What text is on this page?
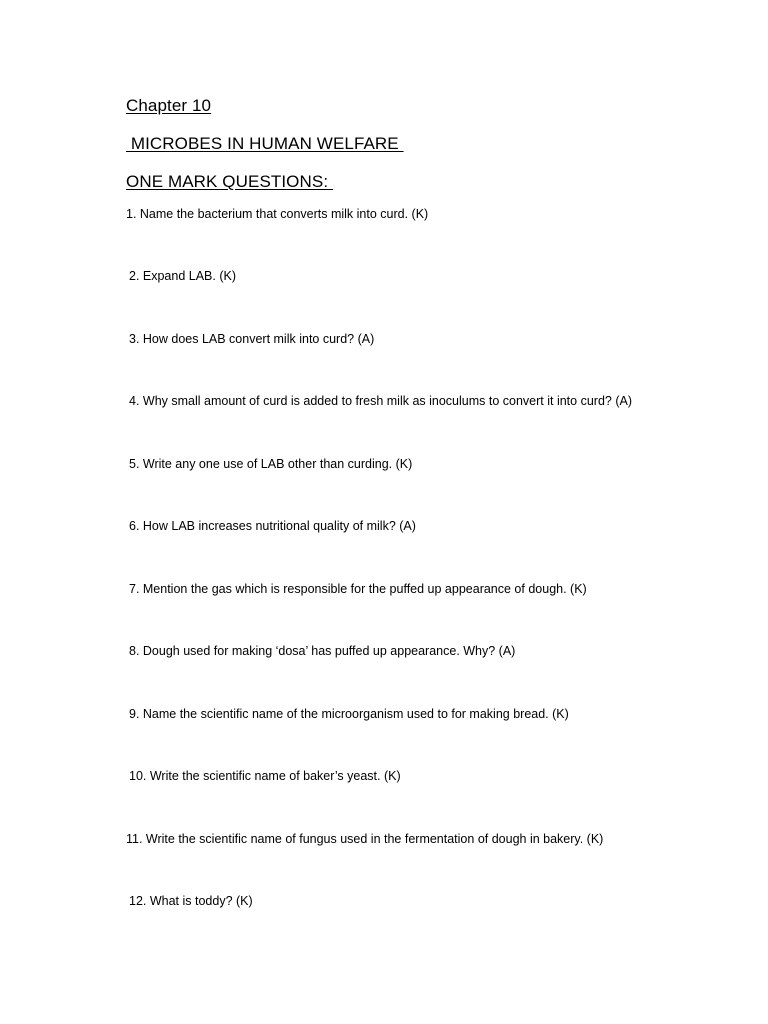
Chapter 10
MICROBES IN HUMAN WELFARE
ONE MARK QUESTIONS:
1. Name the bacterium that converts milk into curd. (K)
2. Expand LAB. (K)
3. How does LAB convert milk into curd? (A)
4. Why small amount of curd is added to fresh milk as inoculums to convert it into curd? (A)
5. Write any one use of LAB other than curding. (K)
6. How LAB increases nutritional quality of milk? (A)
7. Mention the gas which is responsible for the puffed up appearance of dough. (K)
8. Dough used for making ‘dosa’ has puffed up appearance. Why? (A)
9. Name the scientific name of the microorganism used to for making bread. (K)
10. Write the scientific name of baker’s yeast. (K)
11. Write the scientific name of fungus used in the fermentation of dough in bakery. (K)
12. What is toddy? (K)
